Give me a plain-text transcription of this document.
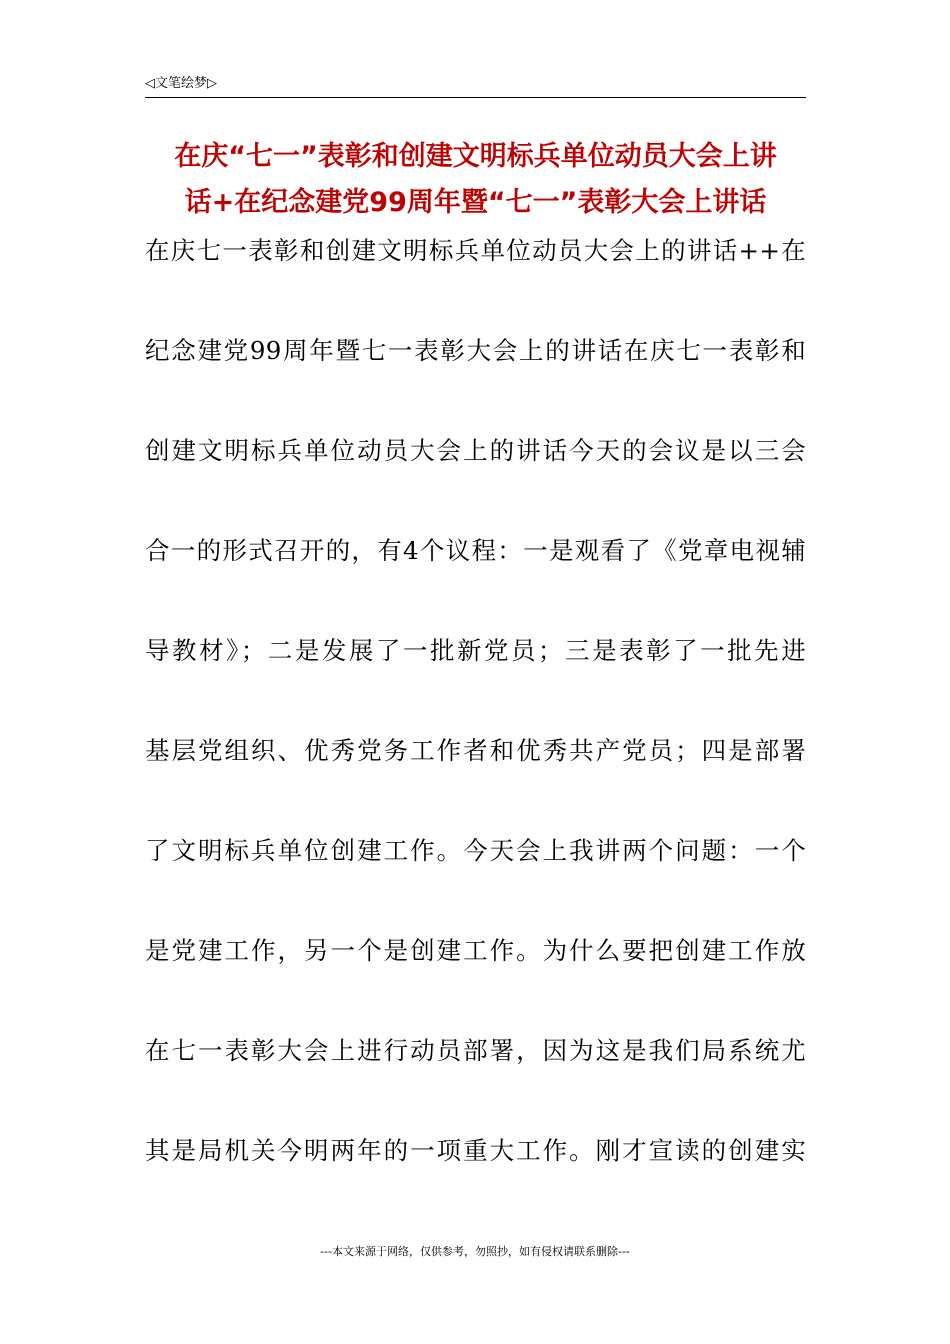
◁文笔绘梦▷
在庆“七一”表彰和创建文明标兵单位动员大会上讲
话+在纪念建党99周年暨“七一”表彰大会上讲话
在庆七一表彰和创建文明标兵单位动员大会上的讲话++在
纪念建党99周年暨七一表彰大会上的讲话在庆七一表彰和
创建文明标兵单位动员大会上的讲话今天的会议是以三会
合一的形式召开的，有4个议程：一是观看了《党章电视辅
导教材》；二是发展了一批新党员；三是表彰了一批先进
基层党组织、优秀党务工作者和优秀共产党员；四是部署
了文明标兵单位创建工作。今天会上我讲两个问题：一个
是党建工作，另一个是创建工作。为什么要把创建工作放
在七一表彰大会上进行动员部署，因为这是我们局系统尤
其是局机关今明两年的一项重大工作。刚才宣读的创建实
---本文来源于网络，仅供参考，勿照抄，如有侵权请联系删除---
